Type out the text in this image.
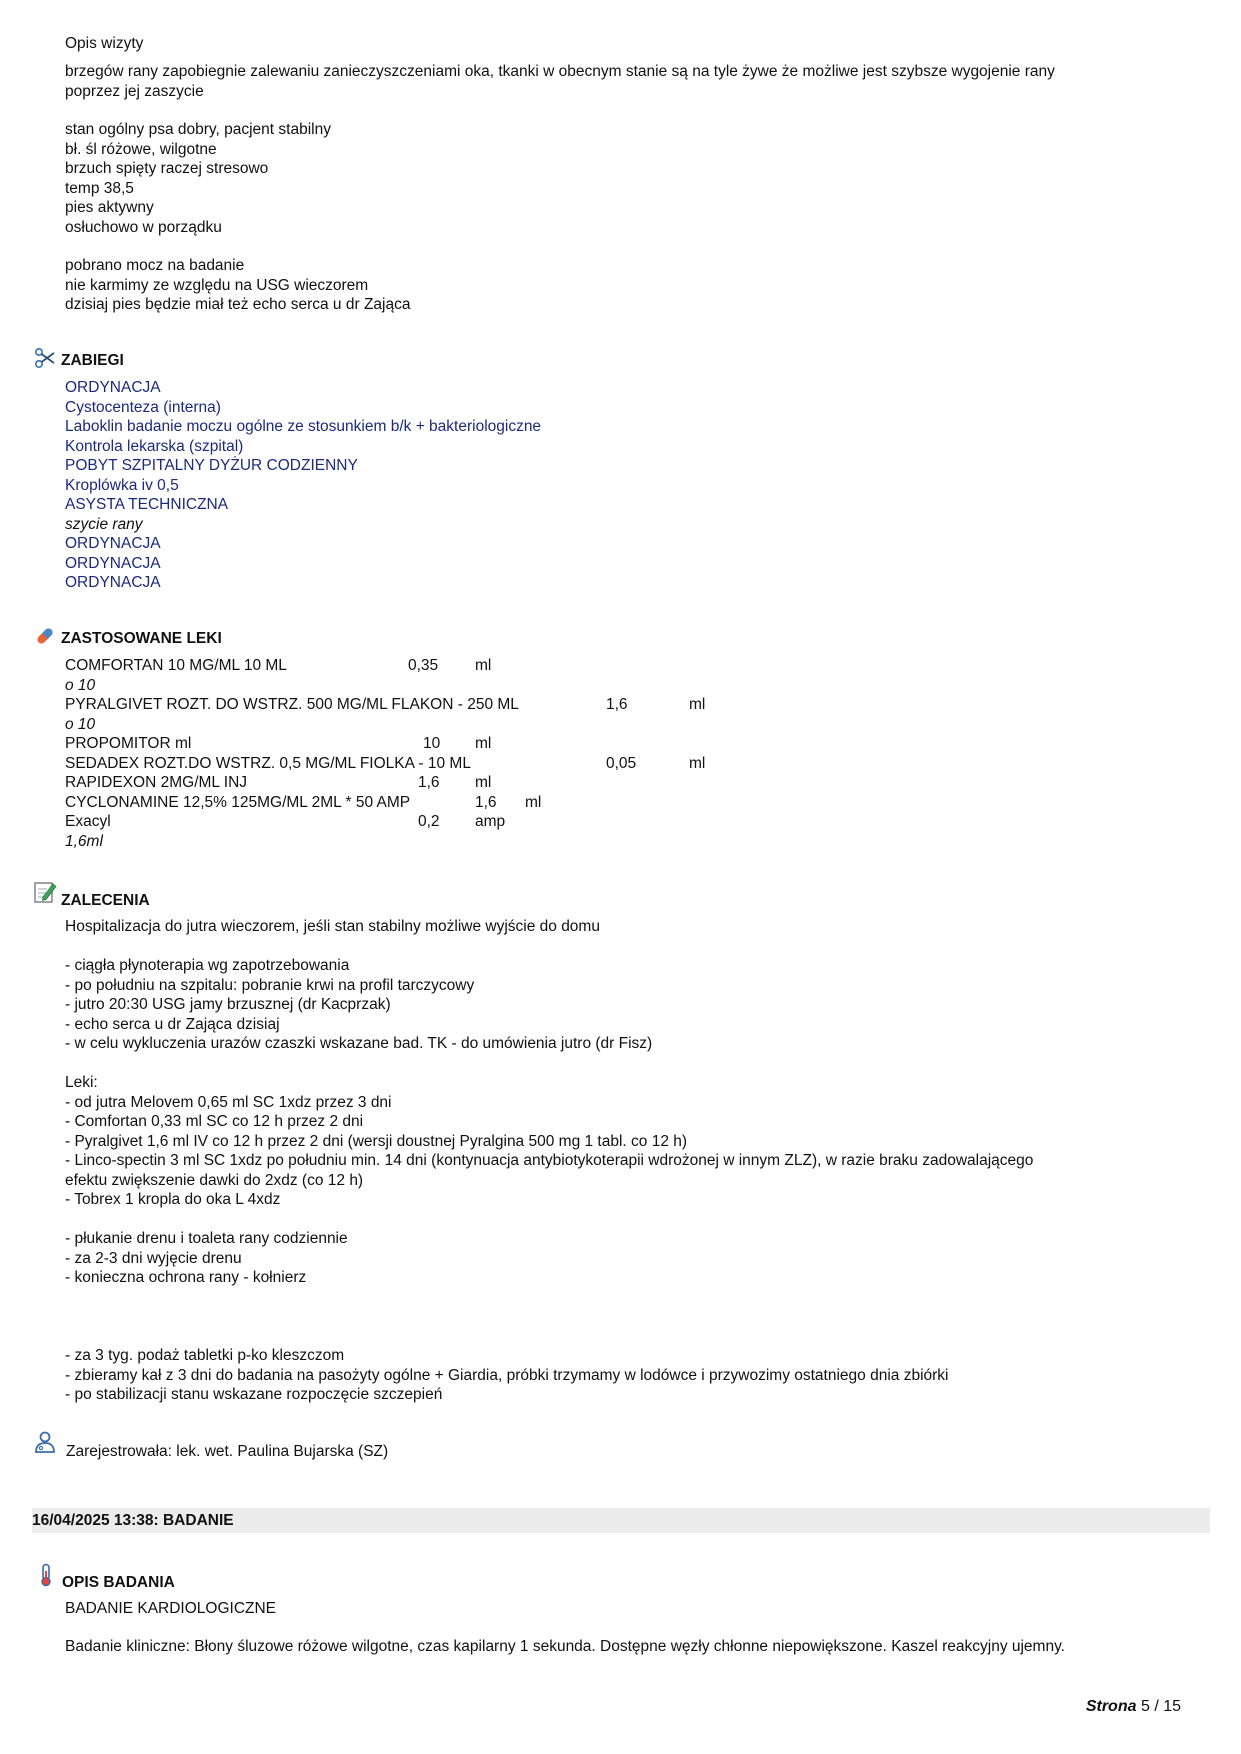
Opis wizyty
brzegów rany zapobiegnie zalewaniu zanieczyszczeniami oka, tkanki w obecnym stanie są na tyle żywe że możliwe jest szybsze wygojenie rany
poprzez jej zaszycie
stan ogólny psa dobry, pacjent stabilny
bł. śl różowe, wilgotne
brzuch spięty raczej stresowo
temp 38,5
pies aktywny
osłuchowo w porządku
pobrano mocz na badanie
nie karmimy ze względu na USG wieczorem
dzisiaj pies będzie miał też echo serca u dr Zająca
ZABIEGI
ORDYNACJA
Cystocenteza (interna)
Laboklin badanie moczu ogólne ze stosunkiem b/k + bakteriologiczne
Kontrola lekarska (szpital)
POBYT SZPITALNY DYŻUR CODZIENNY
Kroplówka iv 0,5
ASYSTA TECHNICZNA
szycie rany
ORDYNACJA
ORDYNACJA
ORDYNACJA
ZASTOSOWANE LEKI
COMFORTAN 10 MG/ML 10 ML	0,35 ml
o 10
PYRALGIVET ROZT. DO WSTRZ. 500 MG/ML FLAKON - 250 ML	1,6	ml
o 10
PROPOMITOR ml	10 ml
SEDADEX ROZT.DO WSTRZ. 0,5 MG/ML FIOLKA - 10 ML	0,05	ml
RAPIDEXON 2MG/ML INJ	1,6 ml
CYCLONAMINE 12,5% 125MG/ML 2ML * 50 AMP	1,6 ml
Exacyl	0,2 amp
1,6ml
ZALECENIA
Hospitalizacja do jutra wieczorem, jeśli stan stabilny możliwe wyjście do domu
- ciągła płynoterapia wg zapotrzebowania
- po południu na szpitalu: pobranie krwi na profil tarczycowy
- jutro 20:30 USG jamy brzusznej (dr Kacprzak)
- echo serca u dr Zająca dzisiaj
- w celu wykluczenia urazów czaszki wskazane bad. TK - do umówienia jutro (dr Fisz)
Leki:
- od jutra Melovem 0,65 ml SC 1xdz przez 3 dni
- Comfortan 0,33 ml SC co 12 h przez 2 dni
- Pyralgivet 1,6 ml IV co 12 h przez 2 dni (wersji doustnej Pyralgina 500 mg 1 tabl. co 12 h)
- Linco-spectin 3 ml SC 1xdz po południu min. 14 dni (kontynuacja antybiotykoterapii wdrożonej w innym ZLZ), w razie braku zadowalającego
efektu zwiększenie dawki do 2xdz (co 12 h)
- Tobrex 1 kropla do oka L 4xdz
- płukanie drenu i toaleta rany codziennie
- za 2-3 dni wyjęcie drenu
- konieczna ochrona rany - kołnierz
- za 3 tyg. podaż tabletki p-ko kleszczom
- zbieramy kał z 3 dni do badania na pasożyty ogólne + Giardia, próbki trzymamy w lodówce i przywozimy ostatniego dnia zbiórki
- po stabilizacji stanu wskazane rozpoczęcie szczepień
Zarejestrowała: lek. wet. Paulina Bujarska (SZ)
16/04/2025 13:38: BADANIE
OPIS BADANIA
BADANIE KARDIOLOGICZNE
Badanie kliniczne: Błony śluzowe różowe wilgotne, czas kapilarny 1 sekunda. Dostępne węzły chłonne niepowiększone. Kaszel reakcyjny ujemny.
Strona 5 / 15
